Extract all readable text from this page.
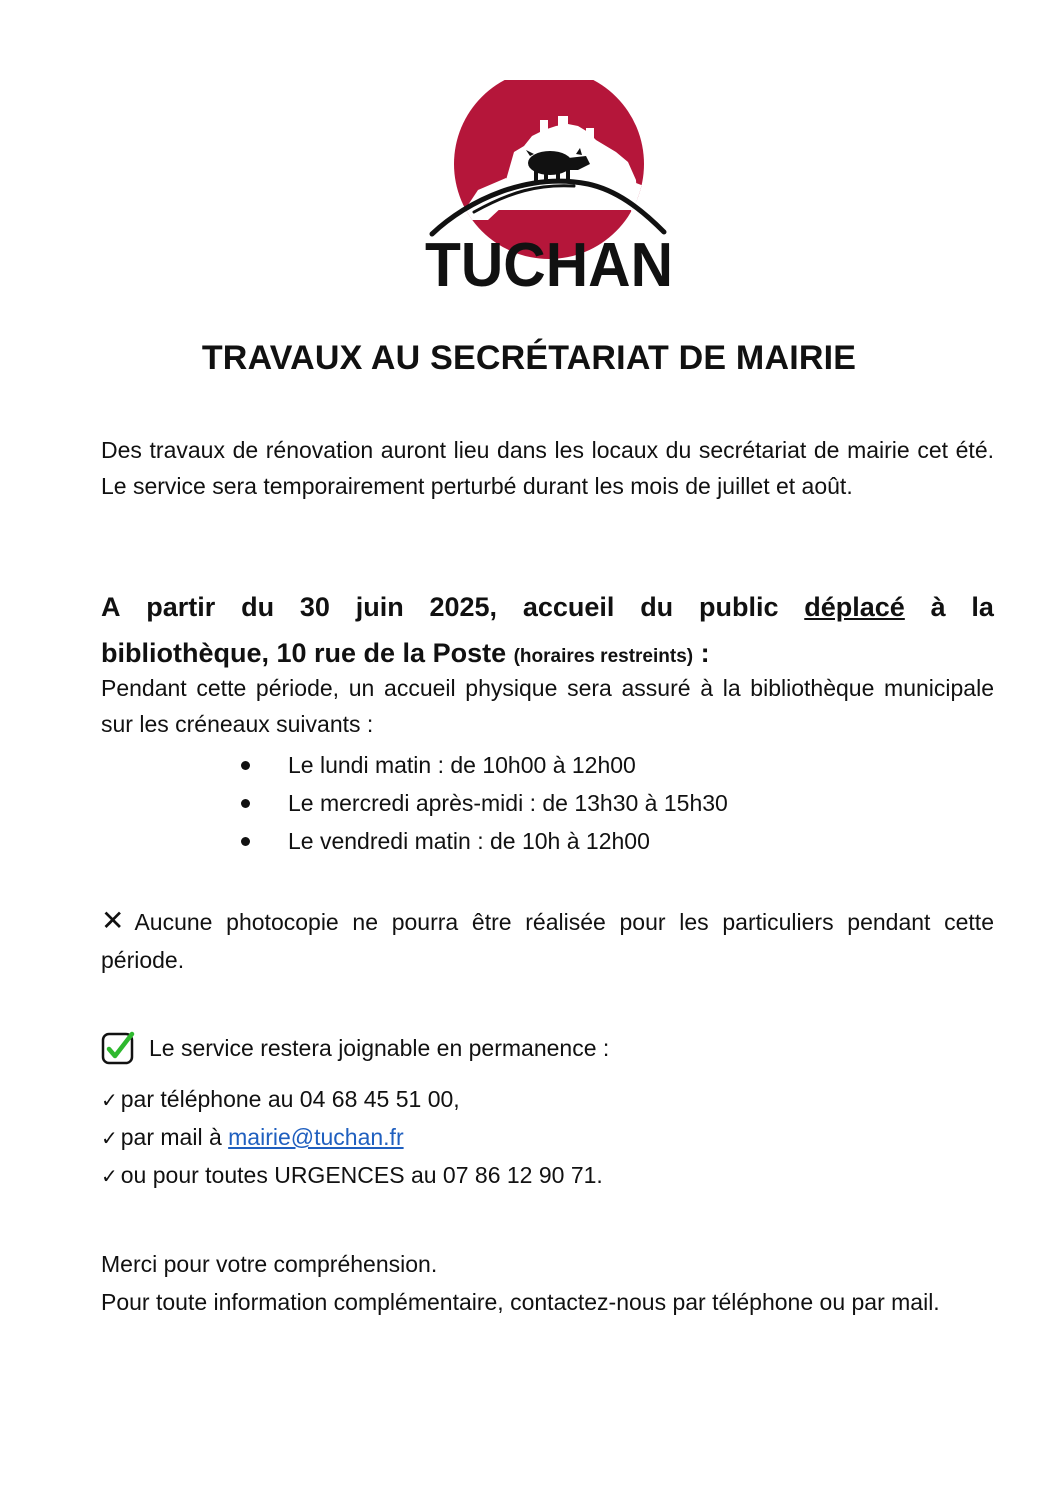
TUCHAN
TRAVAUX AU SECRÉTARIAT DE MAIRIE
Des travaux de rénovation auront lieu dans les locaux du secrétariat de mairie cet été. Le service sera temporairement perturbé durant les mois de juillet et août.
A partir du 30 juin 2025, accueil du public déplacé à la
bibliothèque, 10 rue de la Poste (horaires restreints) :
Pendant cette période, un accueil physique sera assuré à la bibliothèque municipale sur les créneaux suivants :
Le lundi matin : de 10h00 à 12h00
Le mercredi après-midi : de 13h30 à 15h30
Le vendredi matin : de 10h à 12h00
✕ Aucune photocopie ne pourra être réalisée pour les particuliers pendant cette période.
Le service restera joignable en permanence :
✓ par téléphone au 04 68 45 51 00,
✓ par mail à mairie@tuchan.fr
✓ ou pour toutes URGENCES au 07 86 12 90 71.
Merci pour votre compréhension.
Pour toute information complémentaire, contactez-nous par téléphone ou par mail.
